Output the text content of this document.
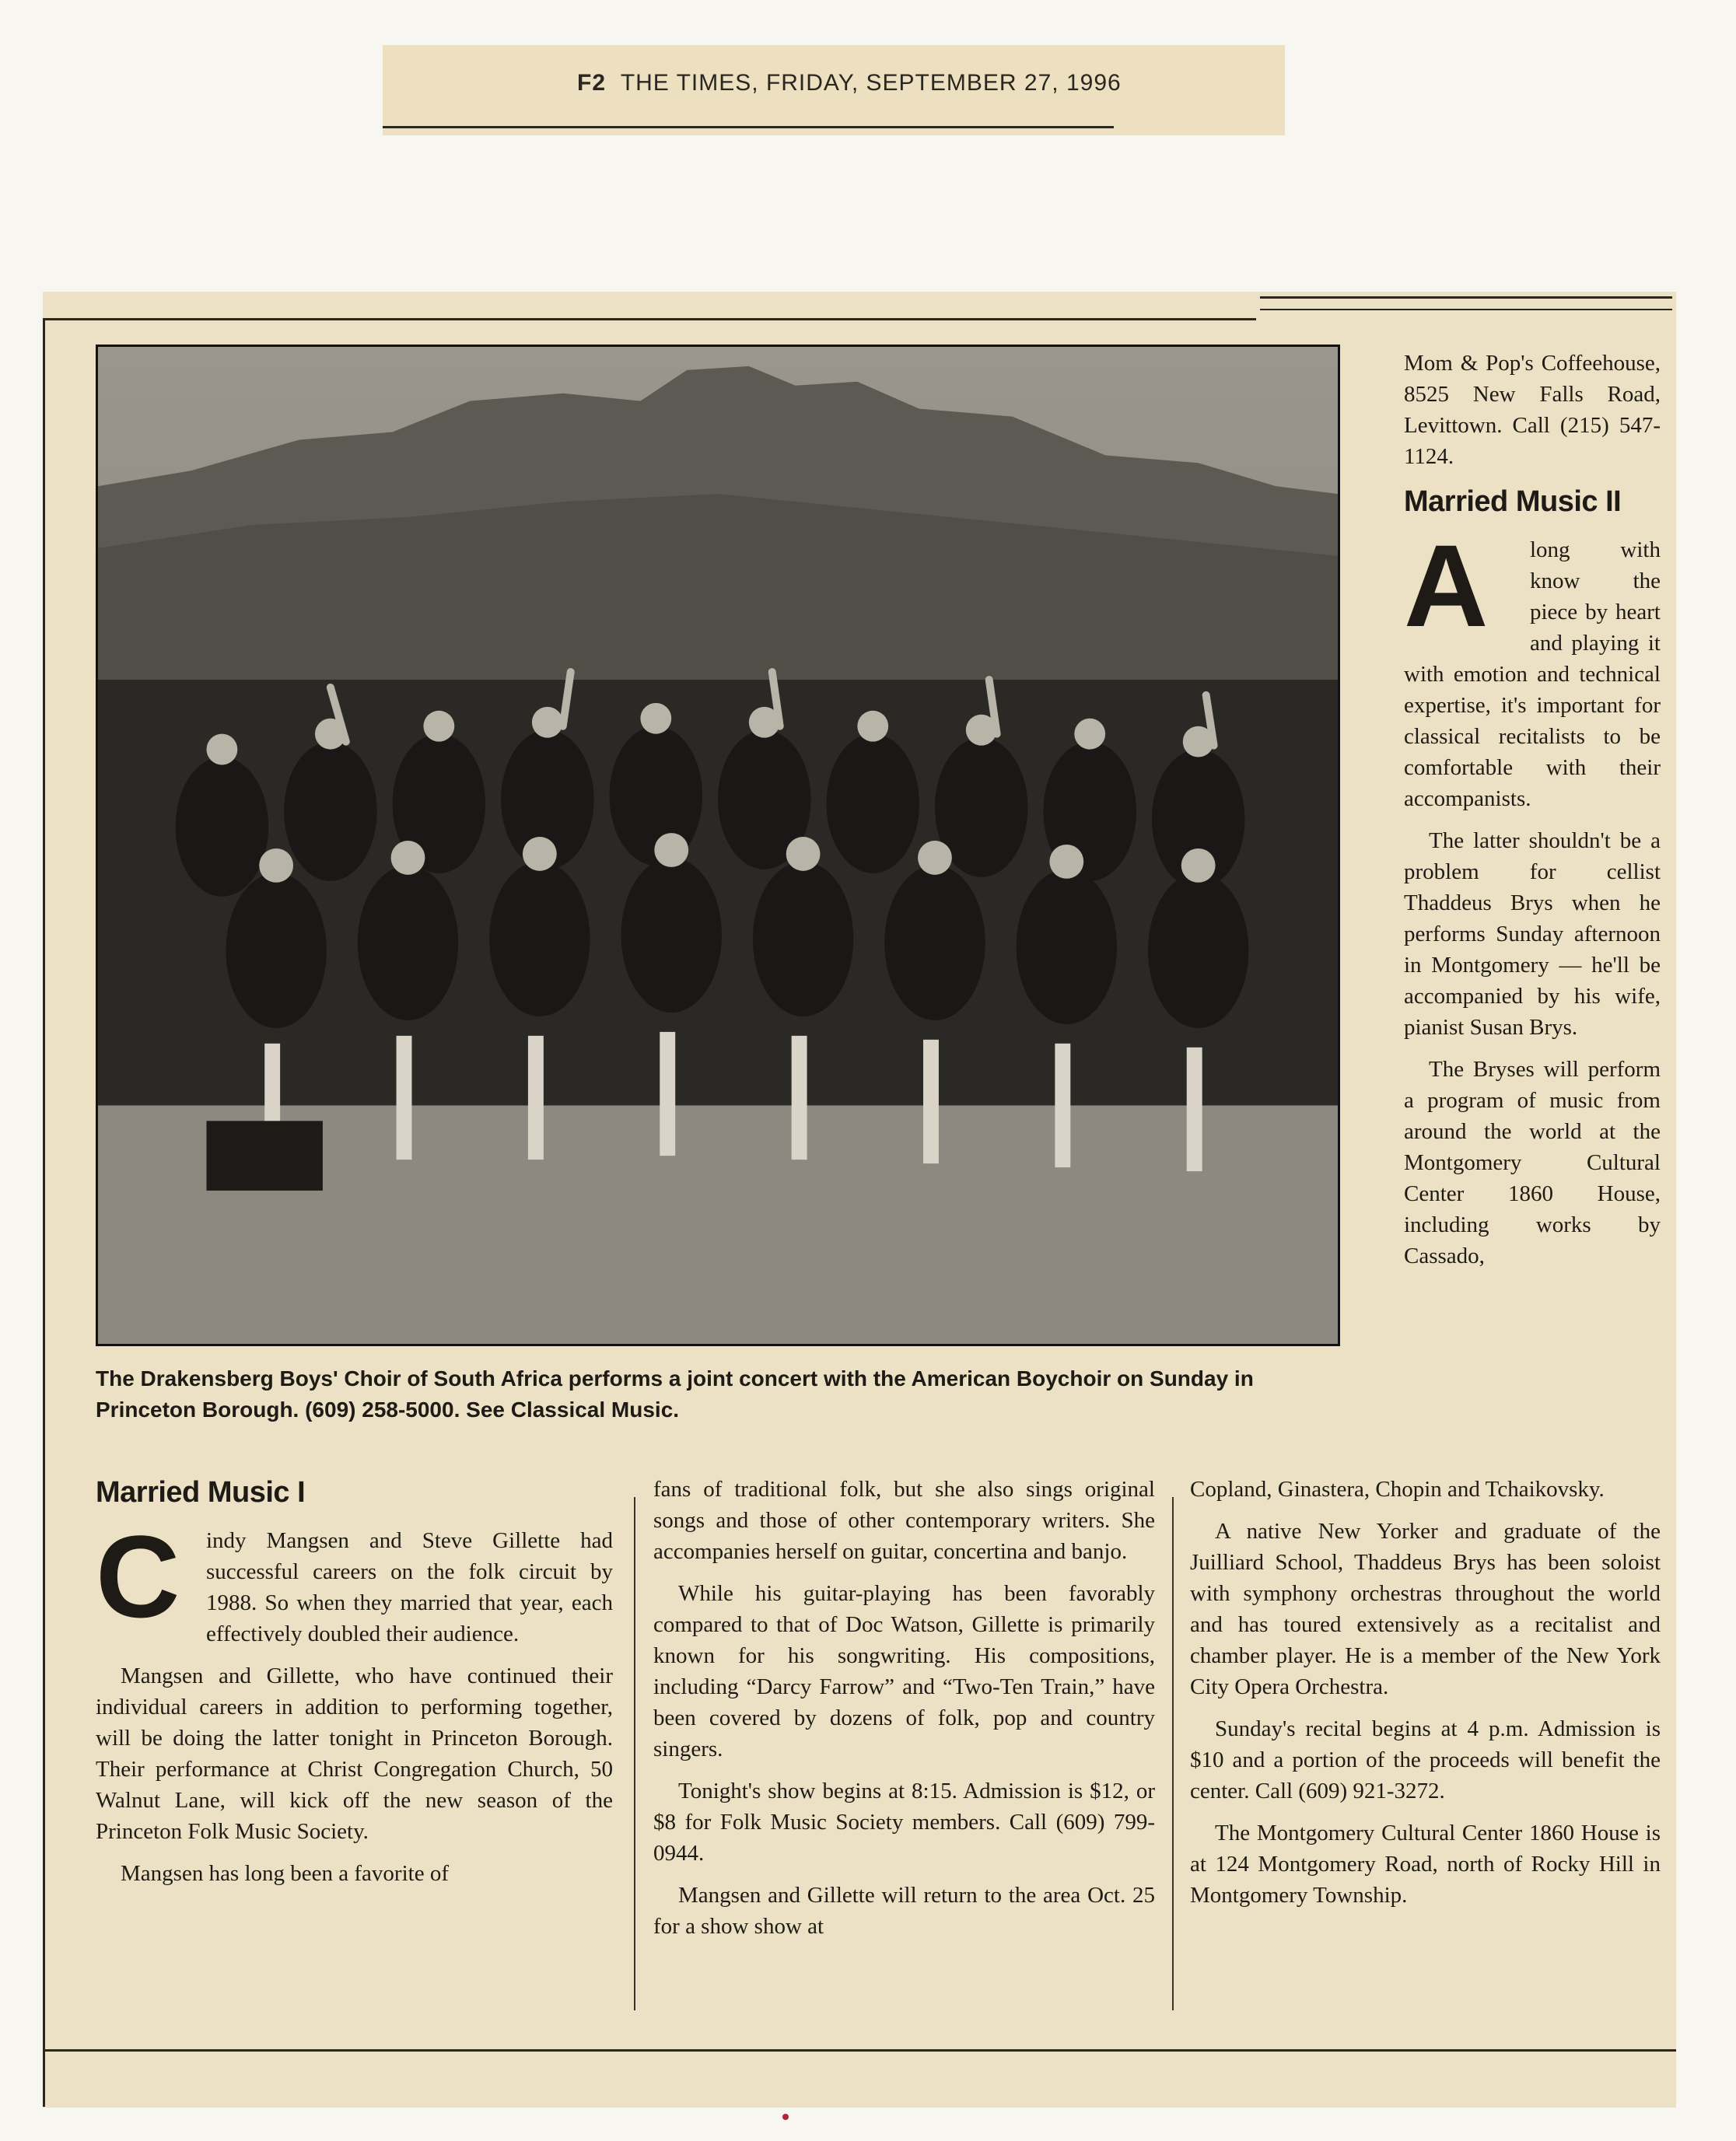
F2 THE TIMES, FRIDAY, SEPTEMBER 27, 1996
The Drakensberg Boys' Choir of South Africa performs a joint concert with the American Boychoir on Sunday in Princeton Borough. (609) 258-5000. See Classical Music.
Married Music I
C	indy Mangsen and Steve Gillette had successful careers on the folk circuit by 1988. So when they married that year, each effectively doubled their audience.

Mangsen and Gillette, who have continued their individual careers in addition to performing together, will be doing the latter tonight in Princeton Borough. Their performance at Christ Congregation Church, 50 Walnut Lane, will kick off the new season of the Princeton Folk Music Society.

Mangsen has long been a favorite of

fans of traditional folk, but she also sings original songs and those of other contemporary writers. She accompanies herself on guitar, concertina and banjo.

While his guitar-playing has been favorably compared to that of Doc Watson, Gillette is primarily known for his songwriting. His compositions, including “Darcy Farrow” and “Two-Ten Train,” have been covered by dozens of folk, pop and country singers.

Tonight's show begins at 8:15. Admission is $12, or $8 for Folk Music Society members. Call (609) 799-0944.

Mangsen and Gillette will return to the area Oct. 25 for a show show at

Mom & Pop's Coffeehouse, 8525 New Falls Road, Levittown. Call (215) 547-1124.

Married Music II
A	long with know the piece by heart and playing it with emotion and technical expertise, it's important for classical recitalists to be comfortable with their accompanists.

The latter shouldn't be a problem for cellist Thaddeus Brys when he performs Sunday afternoon in Montgomery — he'll be accompanied by his wife, pianist Susan Brys.

The Bryses will perform a program of music from around the world at the Montgomery Cultural Center 1860 House, including works by Cassado,

Copland, Ginastera, Chopin and Tchaikovsky.

A native New Yorker and graduate of the Juilliard School, Thaddeus Brys has been soloist with symphony orchestras throughout the world and has toured extensively as a recitalist and chamber player. He is a member of the New York City Opera Orchestra.

Sunday's recital begins at 4 p.m. Admission is $10 and a portion of the proceeds will benefit the center. Call (609) 921-3272.

The Montgomery Cultural Center 1860 House is at 124 Montgomery Road, north of Rocky Hill in Montgomery Township.
